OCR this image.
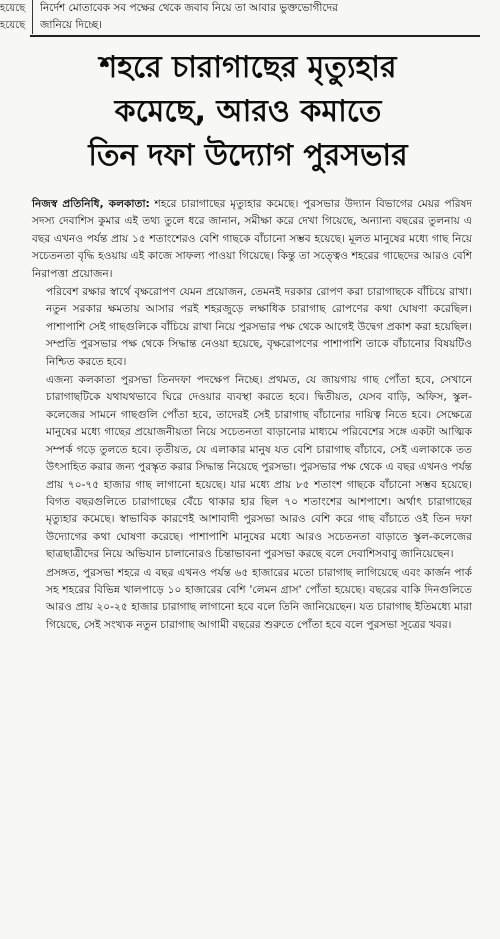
হয়েছে
হয়েছে
নির্দেশ মোতাবেক সব পক্ষের থেকে জবাব নিয়ে তা আবার ভুক্তভোগীদের
জানিয়ে দিচ্ছে।
শহরে চারাগাছের মৃত্যুহার
কমেছে, আরও কমাতে
তিন দফা উদ্যোগ পুরসভার
নিজস্ব প্রতিনিধি, কলকাতা: শহরে চারাগাছের মৃত্যুহার কমেছে। পুরসভার উদ্যান বিভাগের মেয়র পরিষদ সদস্য দেবাশিস কুমার এই তথ্য তুলে ধরে জানান, সমীক্ষা করে দেখা গিয়েছে, অন্যান্য বছরের তুলনায় এ বছর এখনও পর্যন্ত প্রায় ১৫ শতাংশেরও বেশি গাছকে বাঁচানো সম্ভব হয়েছে। মূলত মানুষের মধ্যে গাছ নিয়ে সচেতনতা বৃদ্ধি হওয়ায় এই কাজে সাফল্য পাওয়া গিয়েছে। কিন্তু তা সত্ত্বেও শহরের গাছেদের আরও বেশি নিরাপত্তা প্রয়োজন।
পরিবেশ রক্ষার স্বার্থে বৃক্ষরোপণ যেমন প্রয়োজন, তেমনই দরকার রোপণ করা চারাগাছকে বাঁচিয়ে রাখা। নতুন সরকার ক্ষমতায় আসার পরই শহরজুড়ে লক্ষাধিক চারাগাছ রোপণের কথা ঘোষণা করেছিল। পাশাপাশি সেই গাছগুলিকে বাঁচিয়ে রাখা নিয়ে পুরসভার পক্ষ থেকে আগেই উদ্বেগ প্রকাশ করা হয়েছিল। সম্প্রতি পুরসভার পক্ষ থেকে সিদ্ধান্ত নেওয়া হয়েছে, বৃক্ষরোপণের পাশাপাশি তাকে বাঁচানোর বিষয়টিও নিশ্চিত করতে হবে।
এজন্য কলকাতা পুরসভা তিনদফা পদক্ষেপ নিচ্ছে। প্রথমত, যে জায়গায় গাছ পোঁতা হবে, সেখানে চারাগাছটিকে যথাযথভাবে ঘিরে দেওয়ার ব্যবস্থা করতে হবে। দ্বিতীয়ত, যেসব বাড়ি, অফিস, স্কুল-কলেজের সামনে গাছগুলি পোঁতা হবে, তাদেরই সেই চারাগাছ বাঁচানোর দায়িত্ব নিতে হবে। সেক্ষেত্রে মানুষের মধ্যে গাছের প্রয়োজনীয়তা নিয়ে সচেতনতা বাড়ানোর মাধ্যমে পরিবেশের সঙ্গে একটা আত্মিক সম্পর্ক গড়ে তুলতে হবে। তৃতীয়ত, যে এলাকার মানুষ যত বেশি চারাগাছ বাঁচাবে, সেই এলাকাকে তত উৎসাহিত করার জন্য পুরস্কৃত করার সিদ্ধান্ত নিয়েছে পুরসভা। পুরসভার পক্ষ থেকে এ বছর এখনও পর্যন্ত প্রায় ৭০-৭৫ হাজার গাছ লাগানো হয়েছে। যার মধ্যে প্রায় ৮৫ শতাংশ গাছকে বাঁচানো সম্ভব হয়েছে। বিগত বছরগুলিতে চারাগাছের বেঁচে থাকার হার ছিল ৭০ শতাংশের আশপাশে। অর্থাৎ চারাগাছের মৃত্যুহার কমেছে। স্বাভাবিক কারণেই আশাবাদী পুরসভা আরও বেশি করে গাছ বাঁচাতে ওই তিন দফা উদ্যোগের কথা ঘোষণা করেছে। পাশাপাশি মানুষের মধ্যে আরও সচেতনতা বাড়াতে স্কুল-কলেজের ছাত্রছাত্রীদের নিয়ে অভিযান চালানোরও চিন্তাভাবনা পুরসভা করছে বলে দেবাশিসবাবু জানিয়েছেন।
প্রসঙ্গত, পুরসভা শহরে এ বছর এখনও পর্যন্ত ৬৫ হাজারের মতো চারাগাছ লাগিয়েছে এবং কার্জন পার্ক সহ শহরের বিভিন্ন খালপাড়ে ১০ হাজারের বেশি 'লেমন গ্রাস' পোঁতা হয়েছে। বছরের বাকি দিনগুলিতে আরও প্রায় ২০-২৫ হাজার চারাগাছ লাগানো হবে বলে তিনি জানিয়েছেন। যত চারাগাছ ইতিমধ্যে মারা গিয়েছে, সেই সংখ্যক নতুন চারাগাছ আগামী বছরের শুরুতে পোঁতা হবে বলে পুরসভা সূত্রের খবর।
